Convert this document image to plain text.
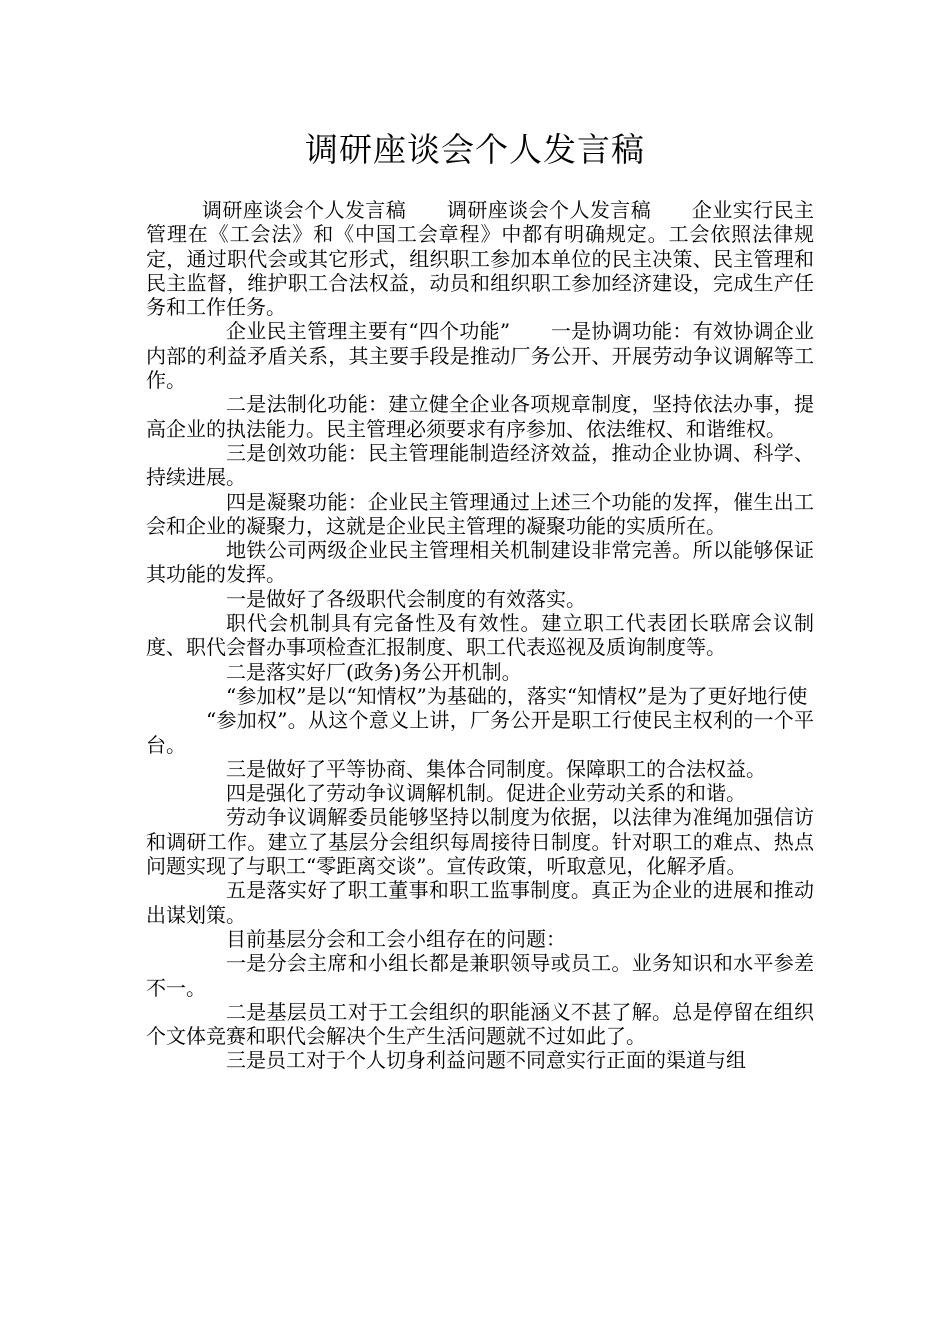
调研座谈会个人发言稿

调研座谈会个人发言稿　　调研座谈会个人发言稿　　企业实行民主管理在《工会法》和《中国工会章程》中都有明确规定。工会依照法律规定，通过职代会或其它形式，组织职工参加本单位的民主决策、民主管理和民主监督，维护职工合法权益，动员和组织职工参加经济建设，完成生产任务和工作任务。

企业民主管理主要有“四个功能”　　一是协调功能：有效协调企业内部的利益矛盾关系，其主要手段是推动厂务公开、开展劳动争议调解等工作。

二是法制化功能：建立健全企业各项规章制度，坚持依法办事，提高企业的执法能力。民主管理必须要求有序参加、依法维权、和谐维权。

三是创效功能：民主管理能制造经济效益，推动企业协调、科学、持续进展。

四是凝聚功能：企业民主管理通过上述三个功能的发挥，催生出工会和企业的凝聚力，这就是企业民主管理的凝聚功能的实质所在。

地铁公司两级企业民主管理相关机制建设非常完善。所以能够保证其功能的发挥。

一是做好了各级职代会制度的有效落实。

职代会机制具有完备性及有效性。建立职工代表团长联席会议制度、职代会督办事项检查汇报制度、职工代表巡视及质询制度等。

二是落实好厂(政务)务公开机制。

“参加权”是以“知情权”为基础的，落实“知情权”是为了更好地行使

“参加权”。从这个意义上讲，厂务公开是职工行使民主权利的一个平台。

三是做好了平等协商、集体合同制度。保障职工的合法权益。

四是强化了劳动争议调解机制。促进企业劳动关系的和谐。

劳动争议调解委员能够坚持以制度为依据，以法律为准绳加强信访和调研工作。建立了基层分会组织每周接待日制度。针对职工的难点、热点问题实现了与职工“零距离交谈”。宣传政策，听取意见，化解矛盾。

五是落实好了职工董事和职工监事制度。真正为企业的进展和推动出谋划策。

目前基层分会和工会小组存在的问题：

一是分会主席和小组长都是兼职领导或员工。业务知识和水平参差不一。

二是基层员工对于工会组织的职能涵义不甚了解。总是停留在组织个文体竞赛和职代会解决个生产生活问题就不过如此了。

三是员工对于个人切身利益问题不同意实行正面的渠道与组
